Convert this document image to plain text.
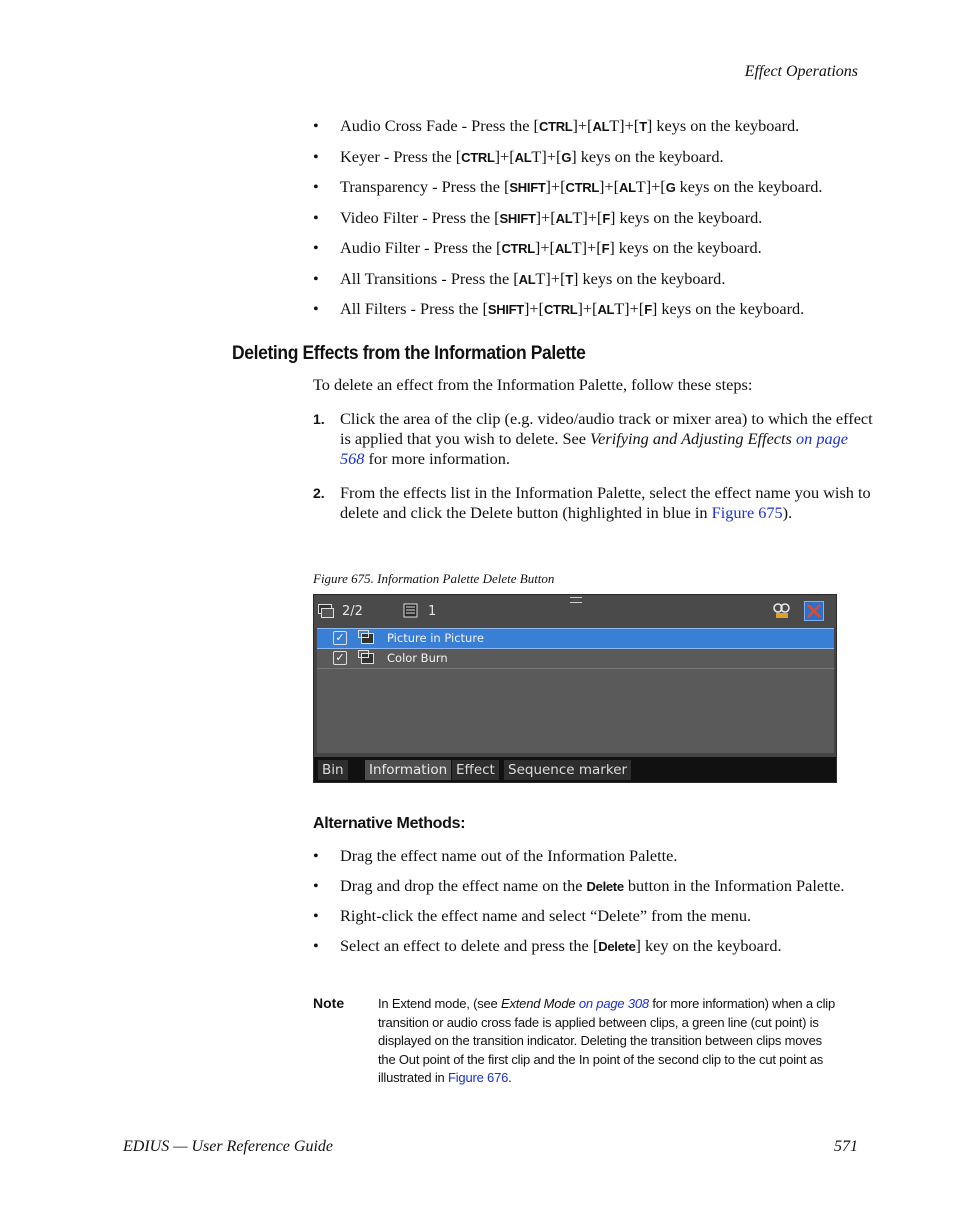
Effect Operations
• Audio Cross Fade - Press the [CTRL]+[ALT]+[T] keys on the keyboard.
• Keyer - Press the [CTRL]+[ALT]+[G] keys on the keyboard.
• Transparency - Press the [SHIFT]+[CTRL]+[ALT]+[G keys on the keyboard.
• Video Filter - Press the [SHIFT]+[ALT]+[F] keys on the keyboard.
• Audio Filter - Press the [CTRL]+[ALT]+[F] keys on the keyboard.
• All Transitions - Press the [ALT]+[T] keys on the keyboard.
• All Filters - Press the [SHIFT]+[CTRL]+[ALT]+[F] keys on the keyboard.
Deleting Effects from the Information Palette
To delete an effect from the Information Palette, follow these steps:
1. Click the area of the clip (e.g. video/audio track or mixer area) to which the effect is applied that you wish to delete. See Verifying and Adjusting Effects on page 568 for more information.
2. From the effects list in the Information Palette, select the effect name you wish to delete and click the Delete button (highlighted in blue in Figure 675).
Figure 675. Information Palette Delete Button
2/2	1
✓	Picture in Picture
✓	Color Burn
Bin Information Effect Sequence marker
Alternative Methods:
• Drag the effect name out of the Information Palette.
• Drag and drop the effect name on the Delete button in the Information Palette.
• Right-click the effect name and select “Delete” from the menu.
• Select an effect to delete and press the [Delete] key on the keyboard.
Note	In Extend mode, (see Extend Mode on page 308 for more information) when a clip transition or audio cross fade is applied between clips, a green line (cut point) is displayed on the transition indicator. Deleting the transition between clips moves the Out point of the first clip and the In point of the second clip to the cut point as illustrated in Figure 676.
EDIUS — User Reference Guide	571
